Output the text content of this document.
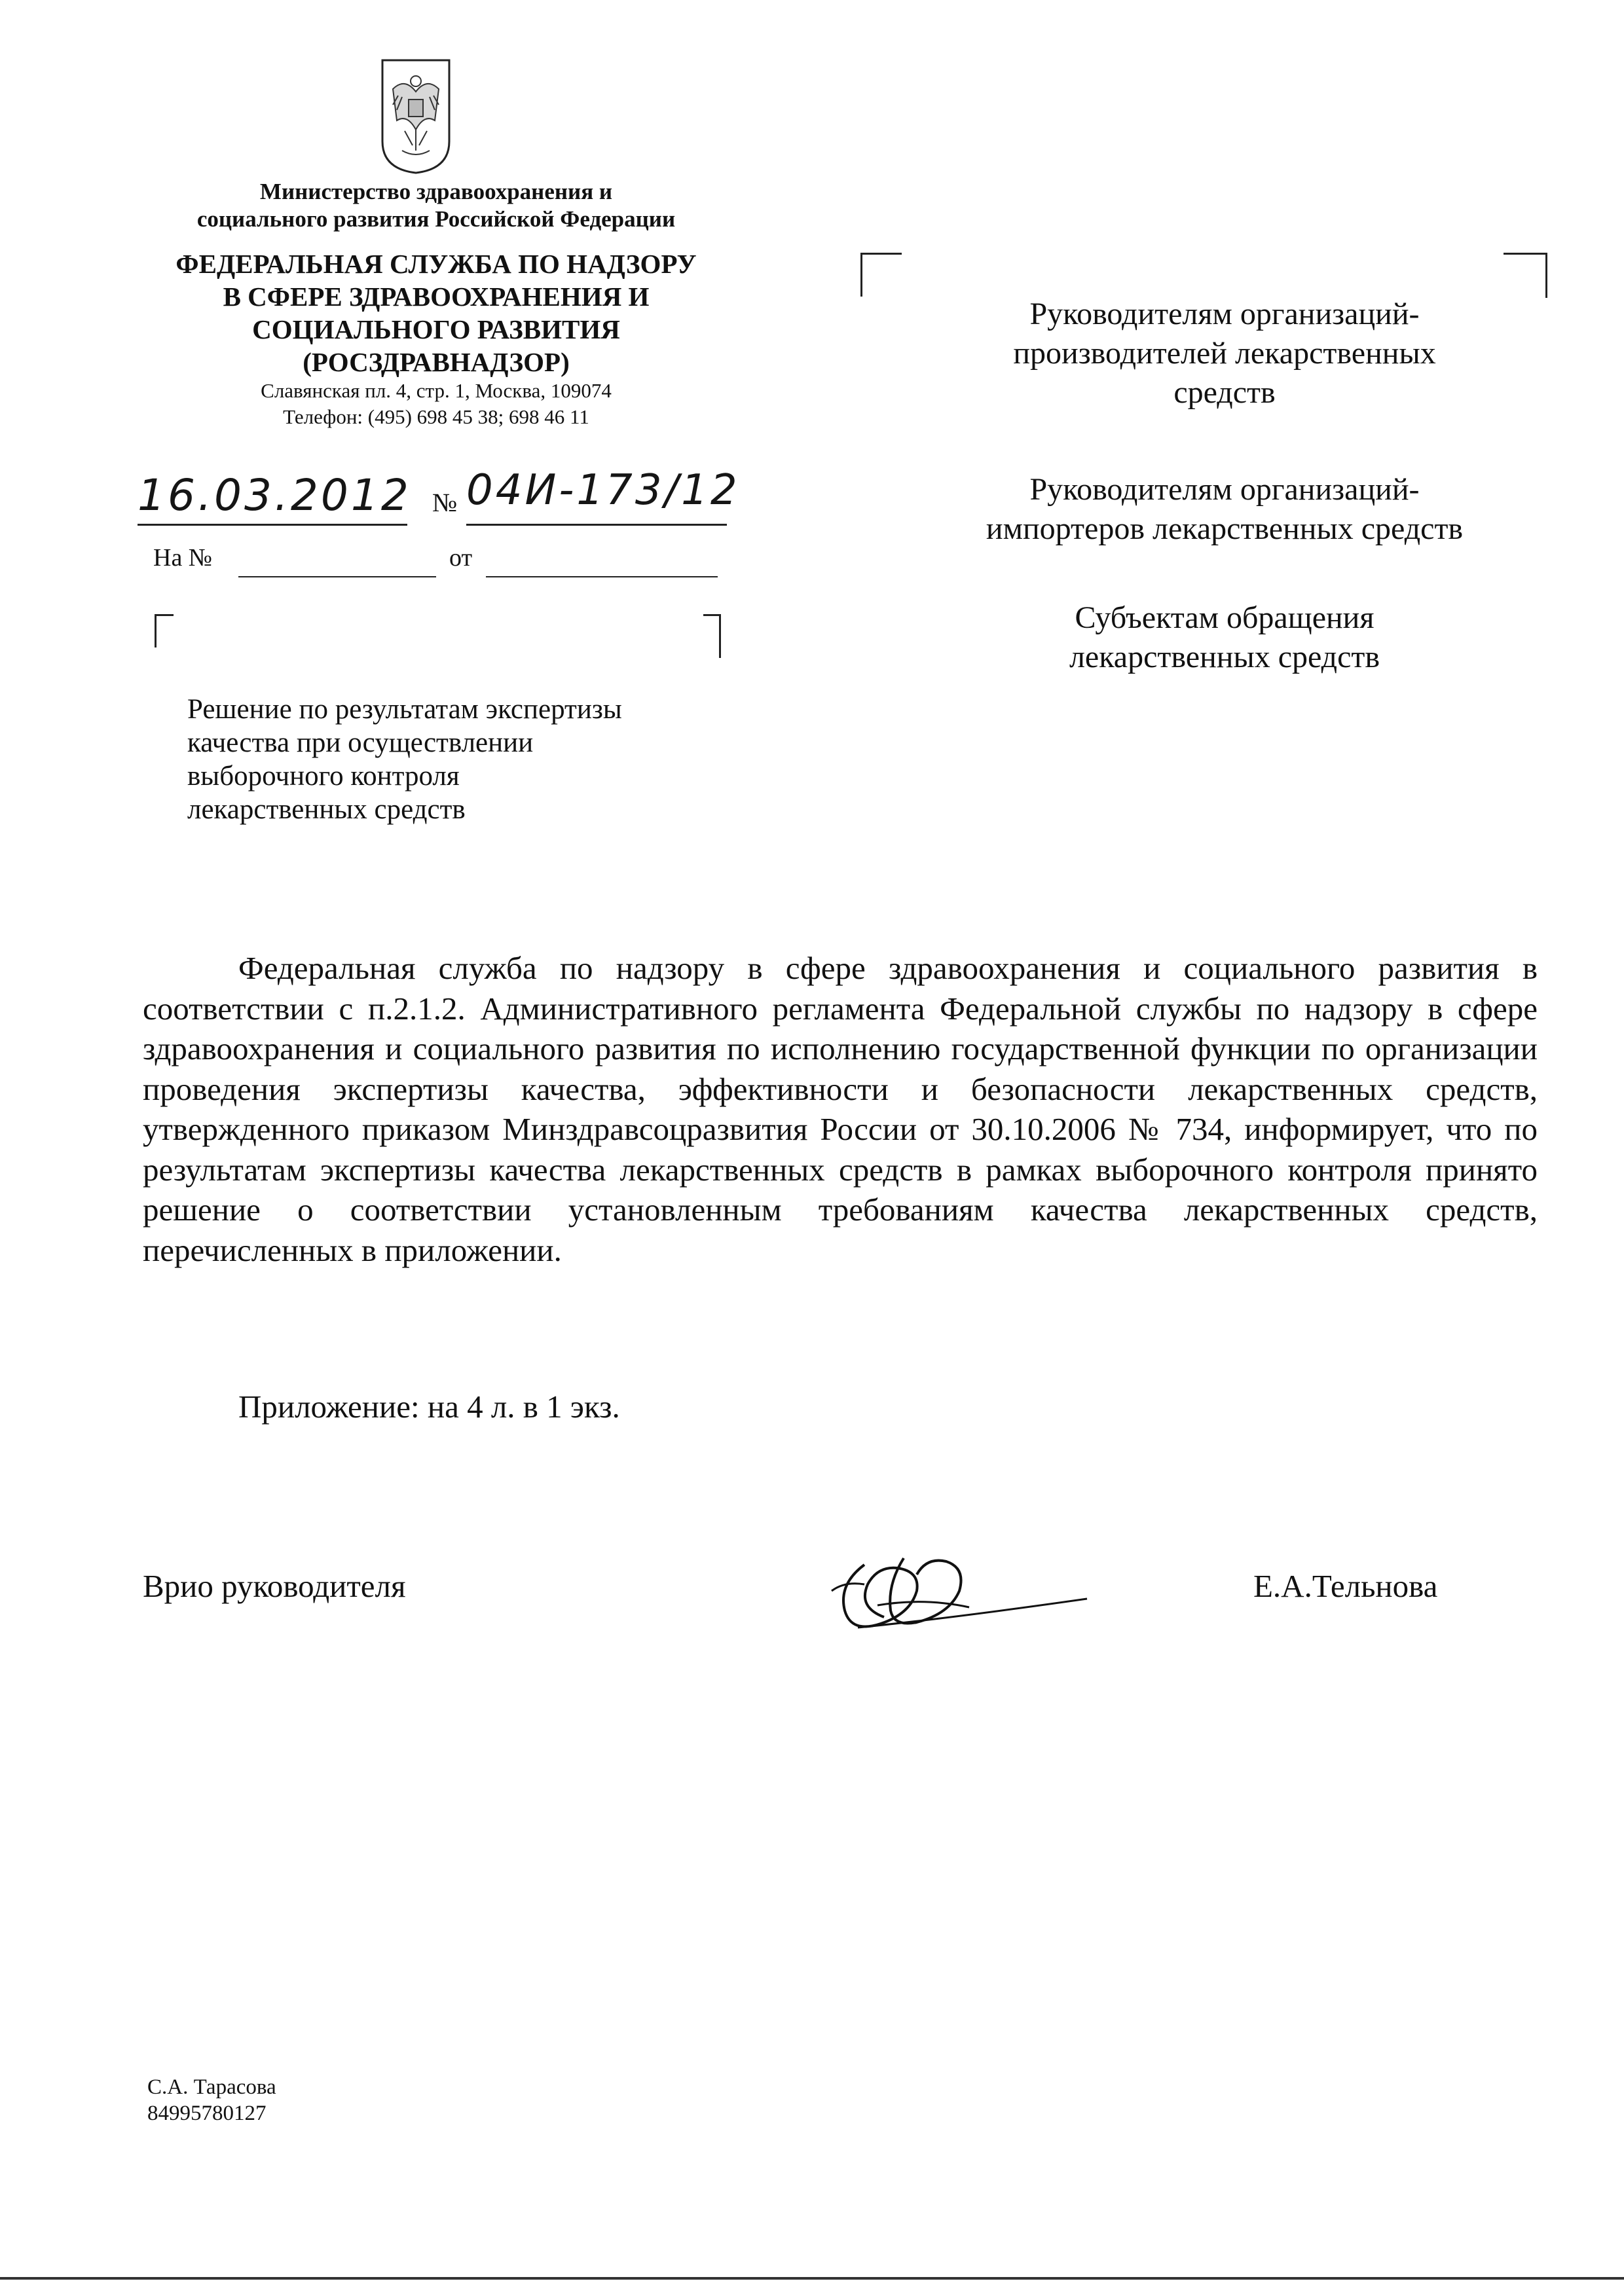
Министерство здравоохранения и
социального развития Российской Федерации
ФЕДЕРАЛЬНАЯ СЛУЖБА ПО НАДЗОРУ
В СФЕРЕ ЗДРАВООХРАНЕНИЯ И
СОЦИАЛЬНОГО РАЗВИТИЯ
(РОСЗДРАВНАДЗОР)
Славянская пл. 4, стр. 1, Москва, 109074
Телефон: (495) 698 45 38; 698 46 11
16.03.2012 № 04И-173/12
На №	от
Решение по результатам экспертизы
качества при осуществлении
выборочного контроля
лекарственных средств
Руководителям организаций-
производителей лекарственных
средств
Руководителям организаций-
импортеров лекарственных средств
Субъектам обращения
лекарственных средств
Федеральная служба по надзору в сфере здравоохранения и социального развития в соответствии с п.2.1.2. Административного регламента Федеральной службы по надзору в сфере здравоохранения и социального развития по исполнению государственной функции по организации проведения экспертизы качества, эффективности и безопасности лекарственных средств, утвержденного приказом Минздравсоцразвития России от 30.10.2006 № 734, информирует, что по результатам экспертизы качества лекарственных средств в рамках выборочного контроля принято решение о соответствии установленным требованиям качества лекарственных средств, перечисленных в приложении.
Приложение: на 4 л. в 1 экз.
Врио руководителя	Е.А.Тельнова
С.А. Тарасова
84995780127
